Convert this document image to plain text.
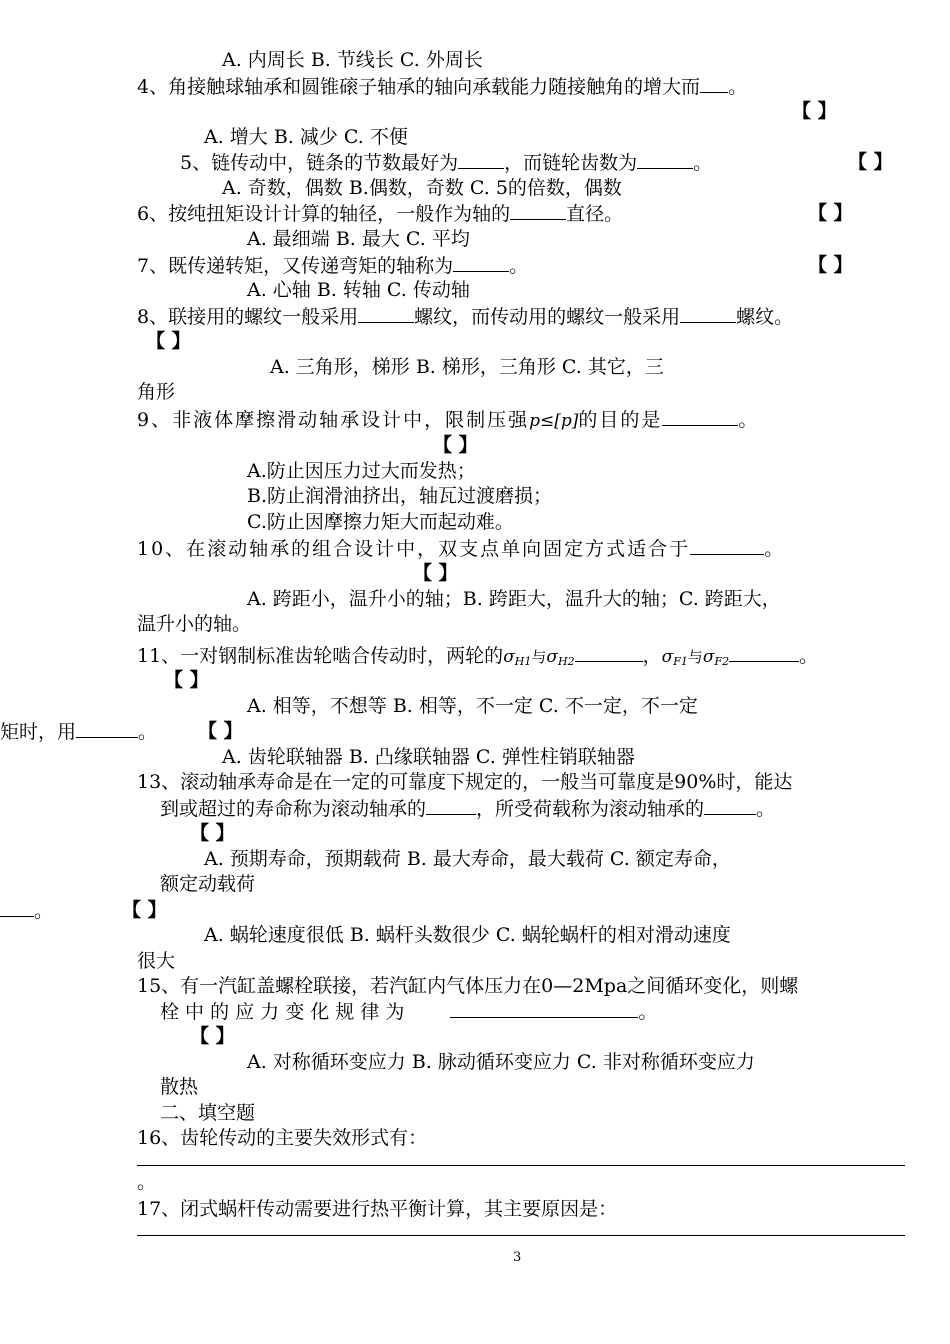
A. 内周长 B. 节线长 C. 外周长
4、角接触球轴承和圆锥磙子轴承的轴向承载能力随接触角的增大而 。
【 】
A. 增大 B. 减少 C. 不便
5、链传动中，链条的节数最好为 ，而链轮齿数为	。	【 】
A. 奇数，偶数 B.偶数，奇数 C. 5的倍数，偶数
6、按纯扭矩设计计算的轴径，一般作为轴的	直径。	【 】
A. 最细端 B. 最大 C. 平均
7、既传递转矩，又传递弯矩的轴称为	。	【 】
A. 心轴 B. 转轴 C. 传动轴
8、联接用的螺纹一般采用	螺纹，而传动用的螺纹一般采用	螺纹。
【 】
A. 三角形，梯形 B. 梯形，三角形 C. 其它，三
角形
9、非液体摩擦滑动轴承设计中，限制压强p≤[p]的目的是	。
【 】
A.防止因压力过大而发热；
B.防止润滑油挤出，轴瓦过渡磨损；
C.防止因摩擦力矩大而起动难。
10、在滚动轴承的组合设计中，双支点单向固定方式适合于	。
【 】
A. 跨距小，温升小的轴；B. 跨距大，温升大的轴；C. 跨距大，
温升小的轴。
11、一对钢制标准齿轮啮合传动时，两轮的$\sigma_{H1}$与$\sigma_{H2}$	，$\sigma_{F1}$与$\sigma_{F2}$	。
【 】
A. 相等，不想等 B. 相等，不一定 C. 不一定，不一定
矩时，用	。 【 】
A. 齿轮联轴器 B. 凸缘联轴器 C. 弹性柱销联轴器
13、滚动轴承寿命是在一定的可靠度下规定的，一般当可靠度是90%时，能达
到或超过的寿命称为滚动轴承的	，所受荷载称为滚动轴承的	。
【 】
A. 预期寿命，预期载荷 B. 最大寿命，最大载荷 C. 额定寿命，
额定动载荷
。	【 】
A. 蜗轮速度很低 B. 蜗杆头数很少 C. 蜗轮蜗杆的相对滑动速度
很大
15、有一汽缸盖螺栓联接，若汽缸内气体压力在0—2Mpa之间循环变化，则螺
栓 中 的 应 力 变 化 规 律 为	。
【 】
A. 对称循环变应力 B. 脉动循环变应力 C. 非对称循环变应力
散热
二、填空题
16、齿轮传动的主要失效形式有：
。
17、闭式蜗杆传动需要进行热平衡计算，其主要原因是：
3
